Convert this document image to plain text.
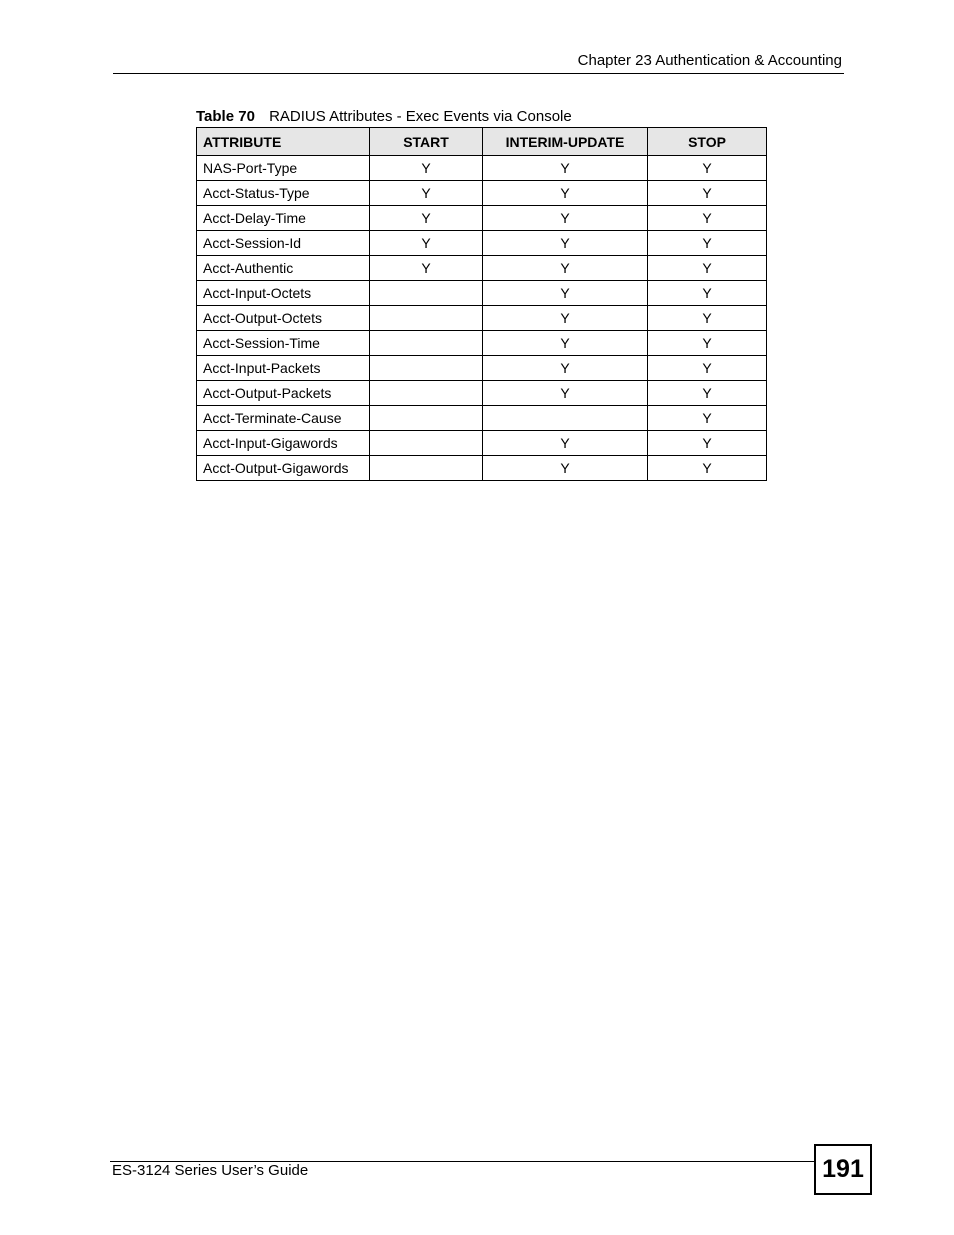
Chapter 23 Authentication & Accounting
Table 70 RADIUS Attributes - Exec Events via Console
ATTRIBUTE	START	INTERIM-UPDATE	STOP
NAS-Port-Type	Y	Y	Y
Acct-Status-Type	Y	Y	Y
Acct-Delay-Time	Y	Y	Y
Acct-Session-Id	Y	Y	Y
Acct-Authentic	Y	Y	Y
Acct-Input-Octets		Y	Y
Acct-Output-Octets		Y	Y
Acct-Session-Time		Y	Y
Acct-Input-Packets		Y	Y
Acct-Output-Packets		Y	Y
Acct-Terminate-Cause			Y
Acct-Input-Gigawords		Y	Y
Acct-Output-Gigawords		Y	Y
ES-3124 Series User’s Guide	191
